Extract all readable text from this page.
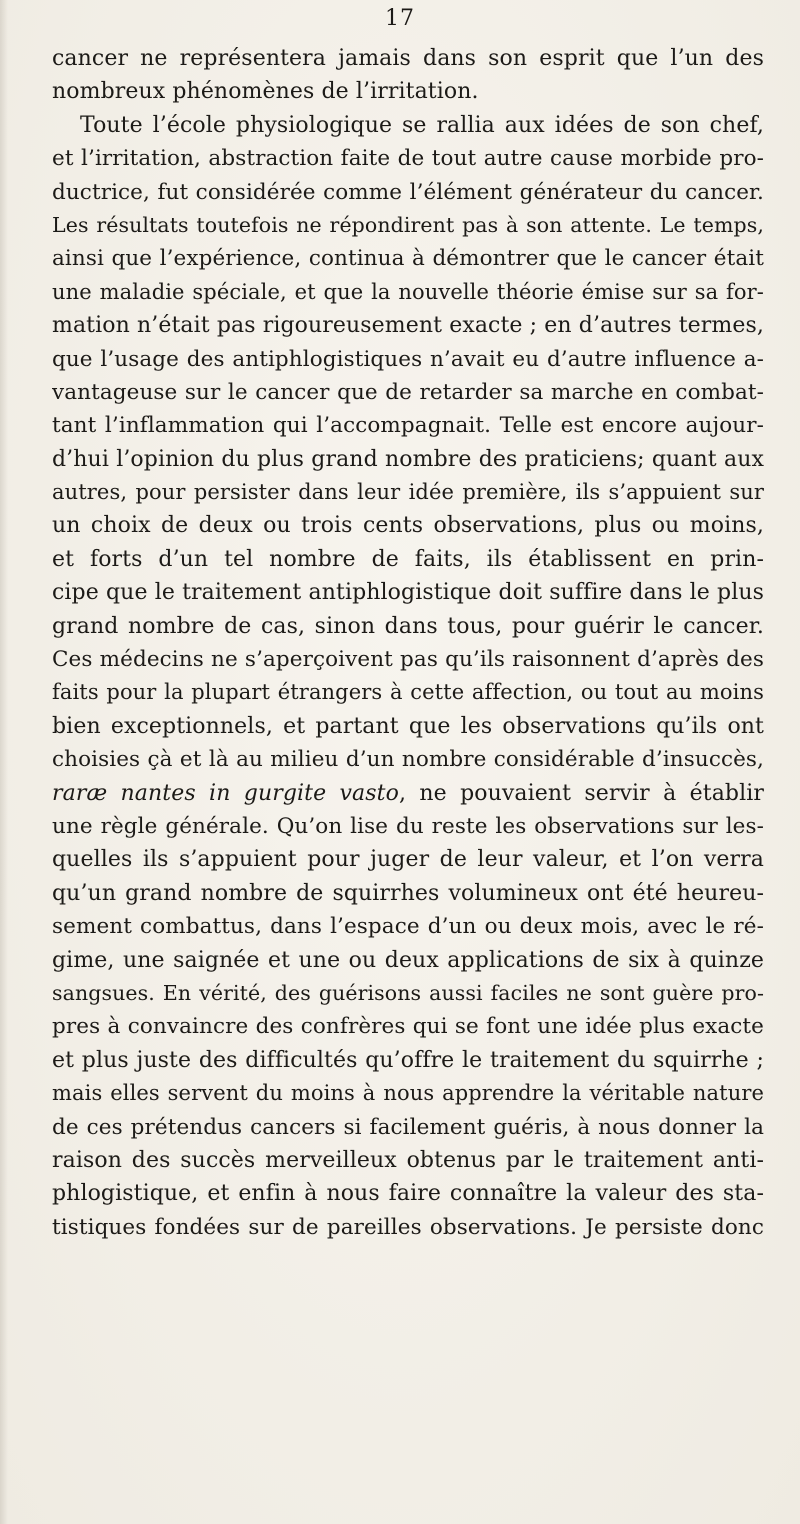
17
cancer ne représentera jamais dans son esprit que l’un des
nombreux phénomènes de l’irritation.
Toute l’école physiologique se rallia aux idées de son chef,
et l’irritation, abstraction faite de tout autre cause morbide pro-
ductrice, fut considérée comme l’élément générateur du cancer.
Les résultats toutefois ne répondirent pas à son attente. Le temps,
ainsi que l’expérience, continua à démontrer que le cancer était
une maladie spéciale, et que la nouvelle théorie émise sur sa for-
mation n’était pas rigoureusement exacte ; en d’autres termes,
que l’usage des antiphlogistiques n’avait eu d’autre influence a-
vantageuse sur le cancer que de retarder sa marche en combat-
tant l’inflammation qui l’accompagnait. Telle est encore aujour-
d’hui l’opinion du plus grand nombre des praticiens; quant aux
autres, pour persister dans leur idée première, ils s’appuient sur
un choix de deux ou trois cents observations, plus ou moins,
et forts d’un tel nombre de faits, ils établissent en prin-
cipe que le traitement antiphlogistique doit suffire dans le plus
grand nombre de cas, sinon dans tous, pour guérir le cancer.
Ces médecins ne s’aperçoivent pas qu’ils raisonnent d’après des
faits pour la plupart étrangers à cette affection, ou tout au moins
bien exceptionnels, et partant que les observations qu’ils ont
choisies çà et là au milieu d’un nombre considérable d’insuccès,
raræ nantes in gurgite vasto, ne pouvaient servir à établir
une règle générale. Qu’on lise du reste les observations sur les-
quelles ils s’appuient pour juger de leur valeur, et l’on verra
qu’un grand nombre de squirrhes volumineux ont été heureu-
sement combattus, dans l’espace d’un ou deux mois, avec le ré-
gime, une saignée et une ou deux applications de six à quinze
sangsues. En vérité, des guérisons aussi faciles ne sont guère pro-
pres à convaincre des confrères qui se font une idée plus exacte
et plus juste des difficultés qu’offre le traitement du squirrhe ;
mais elles servent du moins à nous apprendre la véritable nature
de ces prétendus cancers si facilement guéris, à nous donner la
raison des succès merveilleux obtenus par le traitement anti-
phlogistique, et enfin à nous faire connaître la valeur des sta-
tistiques fondées sur de pareilles observations. Je persiste donc
